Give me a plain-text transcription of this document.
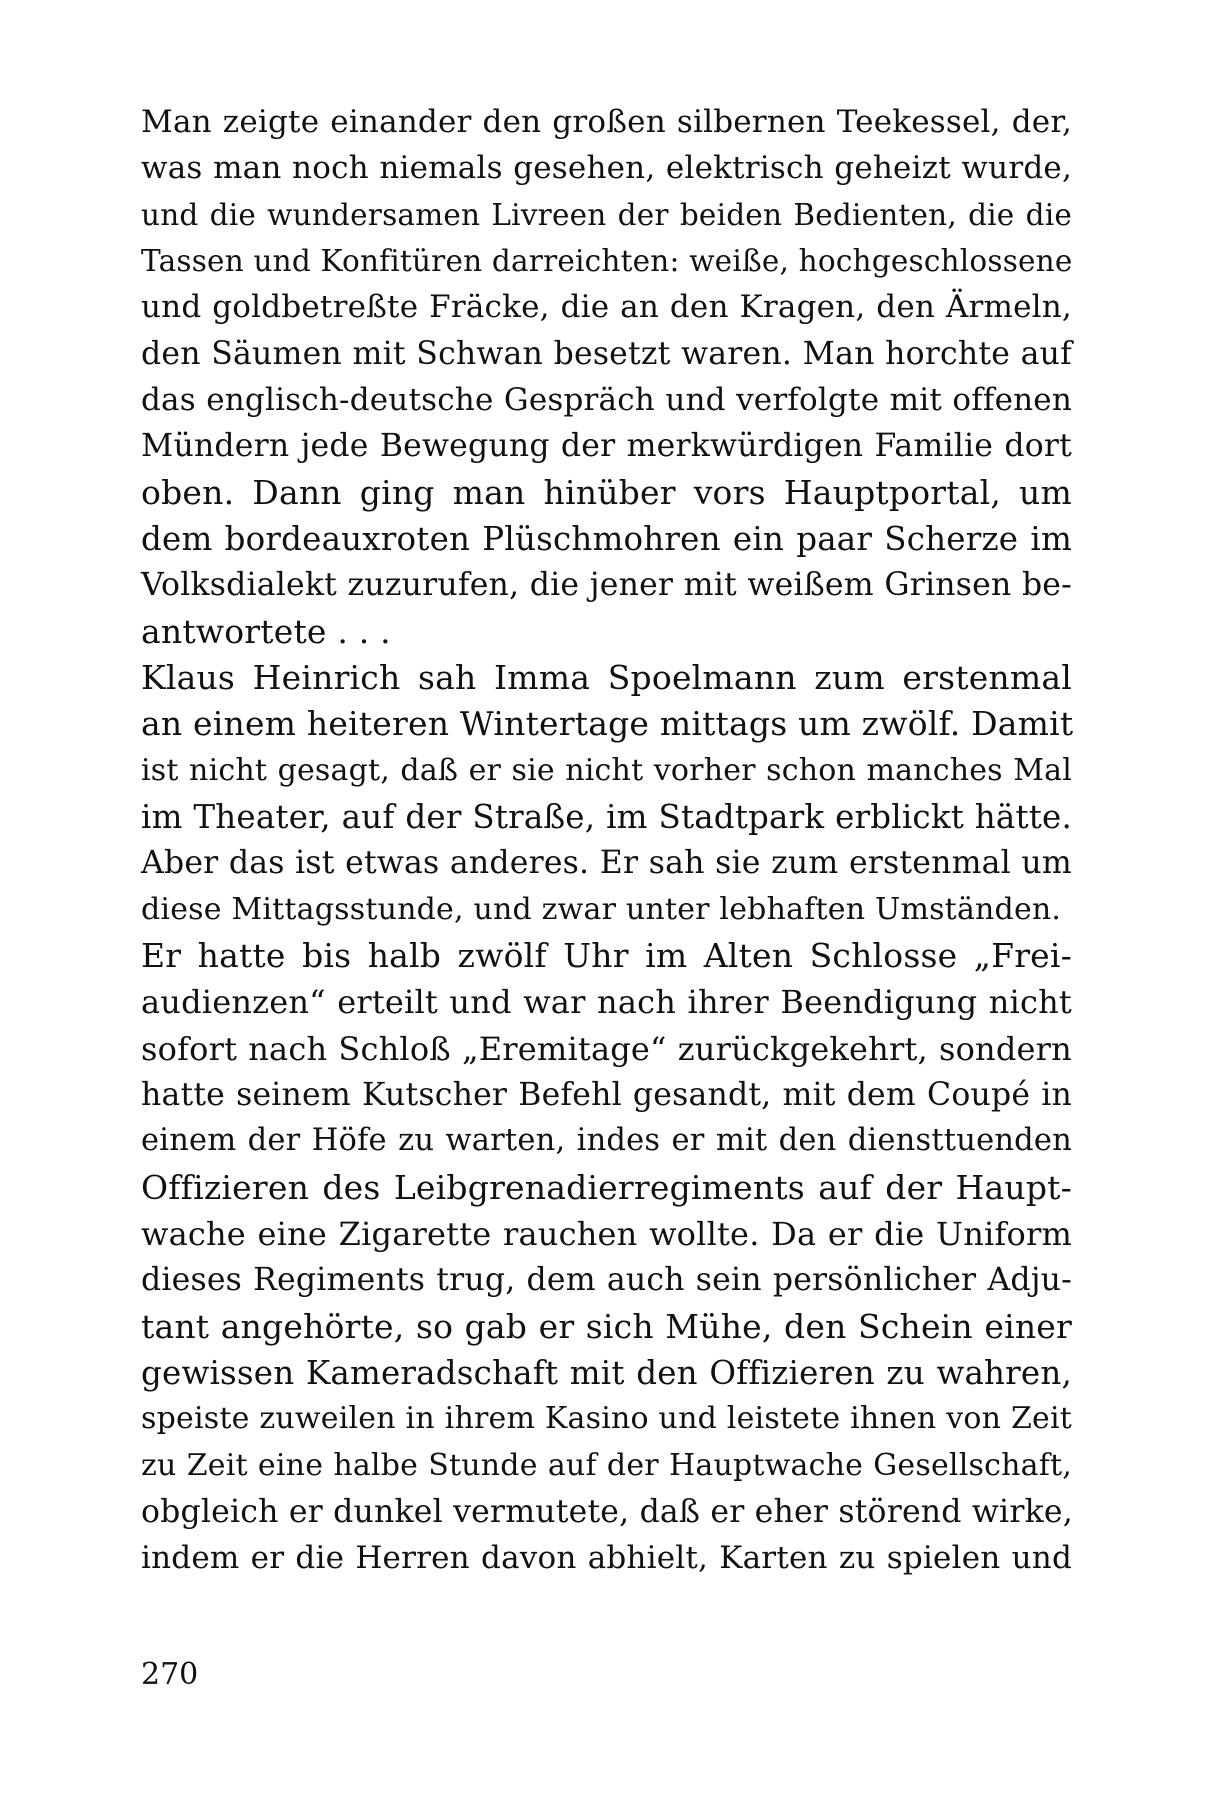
Man zeigte einander den großen silbernen Teekessel, der,
was man noch niemals gesehen, elektrisch geheizt wurde,
und die wundersamen Livreen der beiden Bedienten, die die
Tassen und Konfitüren darreichten: weiße, hochgeschlossene
und goldbetreßte Fräcke, die an den Kragen, den Ärmeln,
den Säumen mit Schwan besetzt waren. Man horchte auf
das englisch-deutsche Gespräch und verfolgte mit offenen
Mündern jede Bewegung der merkwürdigen Familie dort
oben. Dann ging man hinüber vors Hauptportal, um
dem bordeauxroten Plüschmohren ein paar Scherze im
Volksdialekt zuzurufen, die jener mit weißem Grinsen be-
antwortete . . .
Klaus Heinrich sah Imma Spoelmann zum erstenmal
an einem heiteren Wintertage mittags um zwölf. Damit
ist nicht gesagt, daß er sie nicht vorher schon manches Mal
im Theater, auf der Straße, im Stadtpark erblickt hätte.
Aber das ist etwas anderes. Er sah sie zum erstenmal um
diese Mittagsstunde, und zwar unter lebhaften Umständen.
Er hatte bis halb zwölf Uhr im Alten Schlosse „Frei-
audienzen“ erteilt und war nach ihrer Beendigung nicht
sofort nach Schloß „Eremitage“ zurückgekehrt, sondern
hatte seinem Kutscher Befehl gesandt, mit dem Coupé in
einem der Höfe zu warten, indes er mit den diensttuenden
Offizieren des Leibgrenadierregiments auf der Haupt-
wache eine Zigarette rauchen wollte. Da er die Uniform
dieses Regiments trug, dem auch sein persönlicher Adju-
tant angehörte, so gab er sich Mühe, den Schein einer
gewissen Kameradschaft mit den Offizieren zu wahren,
speiste zuweilen in ihrem Kasino und leistete ihnen von Zeit
zu Zeit eine halbe Stunde auf der Hauptwache Gesellschaft,
obgleich er dunkel vermutete, daß er eher störend wirke,
indem er die Herren davon abhielt, Karten zu spielen und
270
